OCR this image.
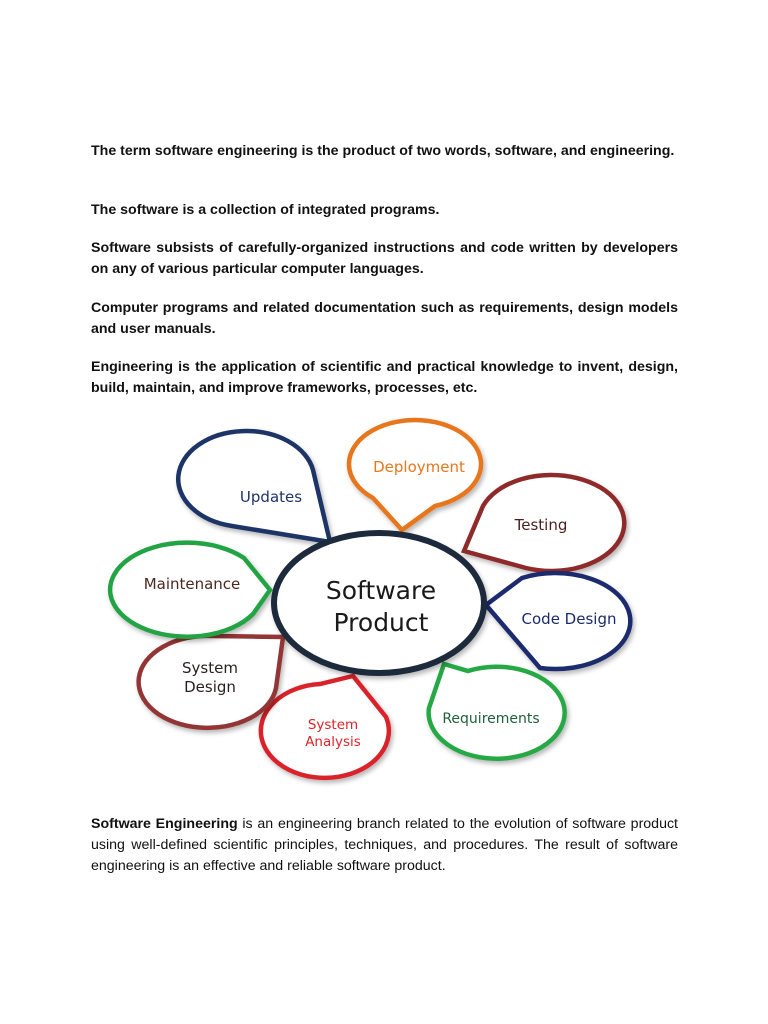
The term software engineering is the product of two words, software, and engineering.

The software is a collection of integrated programs.

Software subsists of carefully-organized instructions and code written by developers on any of various particular computer languages.

Computer programs and related documentation such as requirements, design models and user manuals.

Engineering is the application of scientific and practical knowledge to invent, design, build, maintain, and improve frameworks, processes, etc.

Updates
Deployment
Testing
Code Design
Requirements
System
Analysis
System
Design
Maintenance	Software
Product

Software Engineering is an engineering branch related to the evolution of software product using well-defined scientific principles, techniques, and procedures. The result of software engineering is an effective and reliable software product.
